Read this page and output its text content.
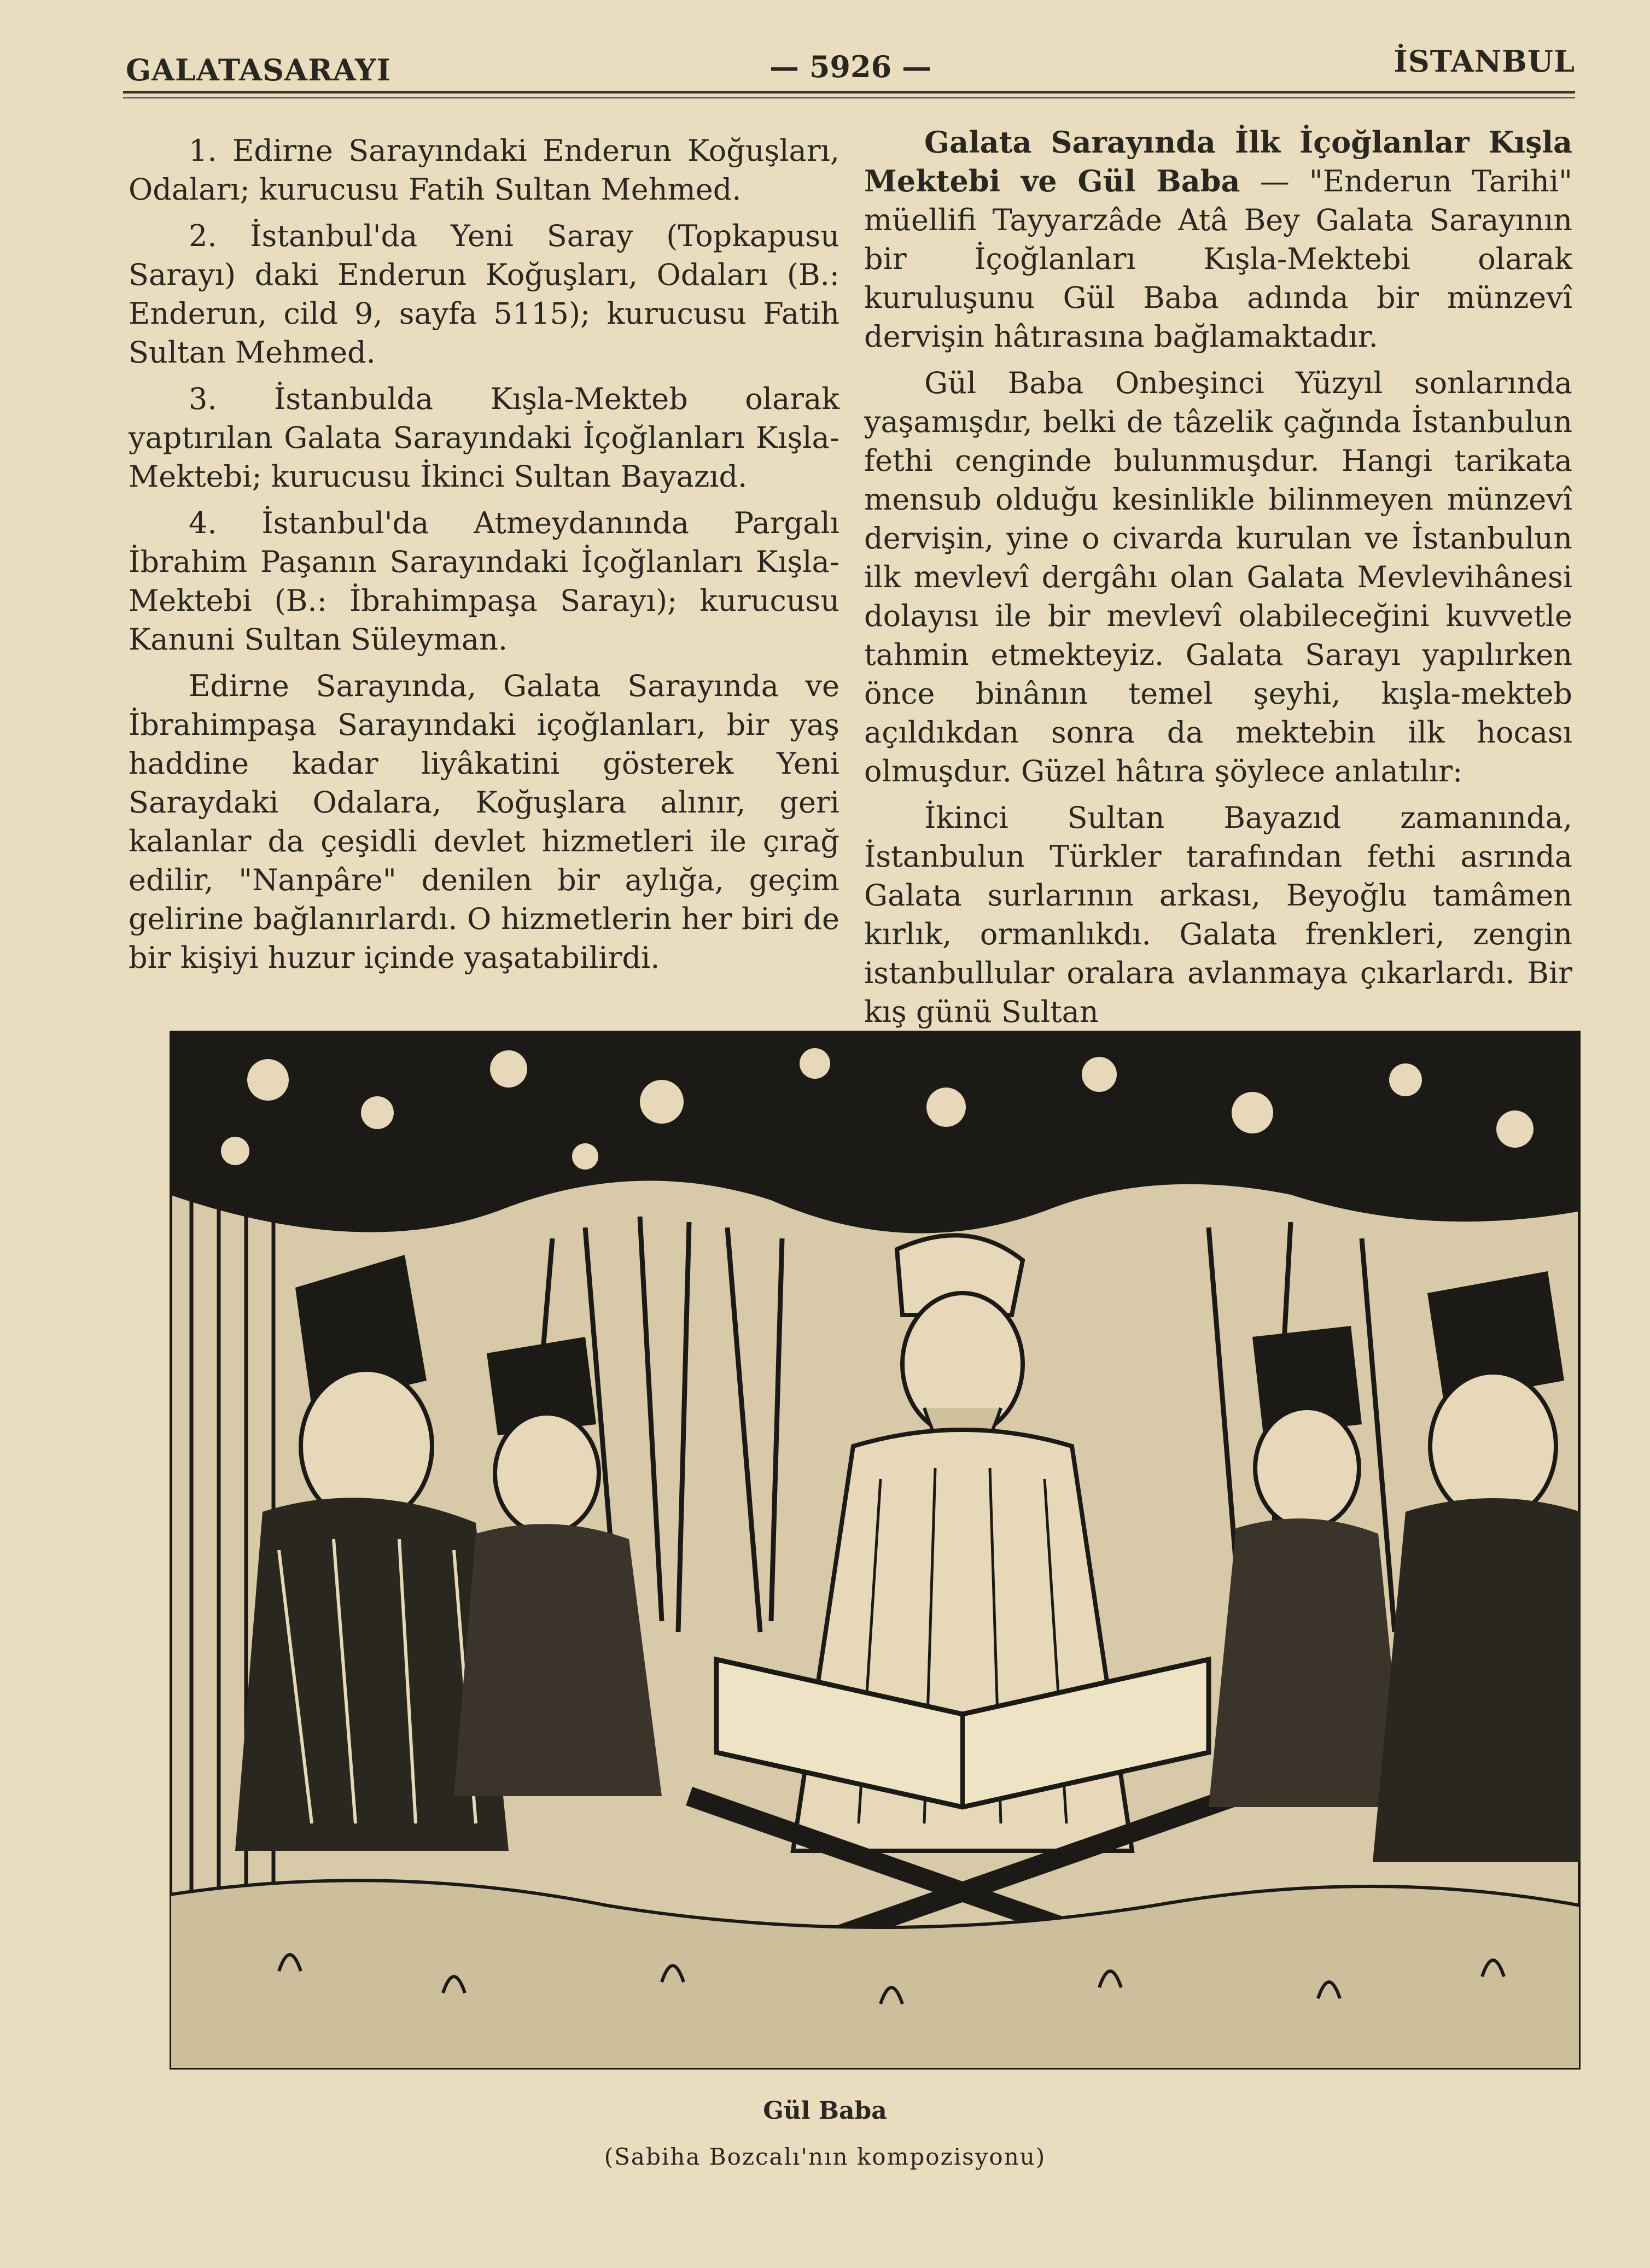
GALATASARAYI	— 5926 —	İSTANBUL

1. Edirne Sarayındaki Enderun Koğuşları, Odaları; kurucusu Fatih Sultan Mehmed.

2. İstanbul'da Yeni Saray (Topkapusu Sarayı) daki Enderun Koğuşları, Odaları (B.: Enderun, cild 9, sayfa 5115); kurucusu Fatih Sultan Mehmed.

3. İstanbulda Kışla-Mekteb olarak yaptırılan Galata Sarayındaki İçoğlanları Kışla-Mektebi; kurucusu İkinci Sultan Bayazıd.

4. İstanbul'da Atmeydanında Pargalı İbrahim Paşanın Sarayındaki İçoğlanları Kışla-Mektebi (B.: İbrahimpaşa Sarayı); kurucusu Kanuni Sultan Süleyman.

Edirne Sarayında, Galata Sarayında ve İbrahimpaşa Sarayındaki içoğlanları, bir yaş haddine kadar liyâkatini gösterek Yeni Saraydaki Odalara, Koğuşlara alınır, geri kalanlar da çeşidli devlet hizmetleri ile çırağ edilir, "Nanpâre" denilen bir aylığa, geçim gelirine bağlanırlardı. O hizmetlerin her biri de bir kişiyi huzur içinde yaşatabilirdi.

Galata Sarayında İlk İçoğlanlar Kışla Mektebi ve Gül Baba — "Enderun Tarihi" müellifi Tayyarzâde Atâ Bey Galata Sarayının bir İçoğlanları Kışla-Mektebi olarak kuruluşunu Gül Baba adında bir münzevî dervişin hâtırasına bağlamaktadır.

Gül Baba Onbeşinci Yüzyıl sonlarında yaşamışdır, belki de tâzelik çağında İstanbulun fethi cenginde bulunmuşdur. Hangi tarikata mensub olduğu kesinlikle bilinmeyen münzevî dervişin, yine o civarda kurulan ve İstanbulun ilk mevlevî dergâhı olan Galata Mevlevihânesi dolayısı ile bir mevlevî olabileceğini kuvvetle tahmin etmekteyiz. Galata Sarayı yapılırken önce binânın temel şeyhi, kışla-mekteb açıldıkdan sonra da mektebin ilk hocası olmuşdur. Güzel hâtıra şöylece anlatılır:

İkinci Sultan Bayazıd zamanında, İstanbulun Türkler tarafından fethi asrında Galata surlarının arkası, Beyoğlu tamâmen kırlık, ormanlıkdı. Galata frenkleri, zengin istanbullular oralara avlanmaya çıkarlardı. Bir kış günü Sultan

Gül Baba
(Sabiha Bozcalı'nın kompozisyonu)
